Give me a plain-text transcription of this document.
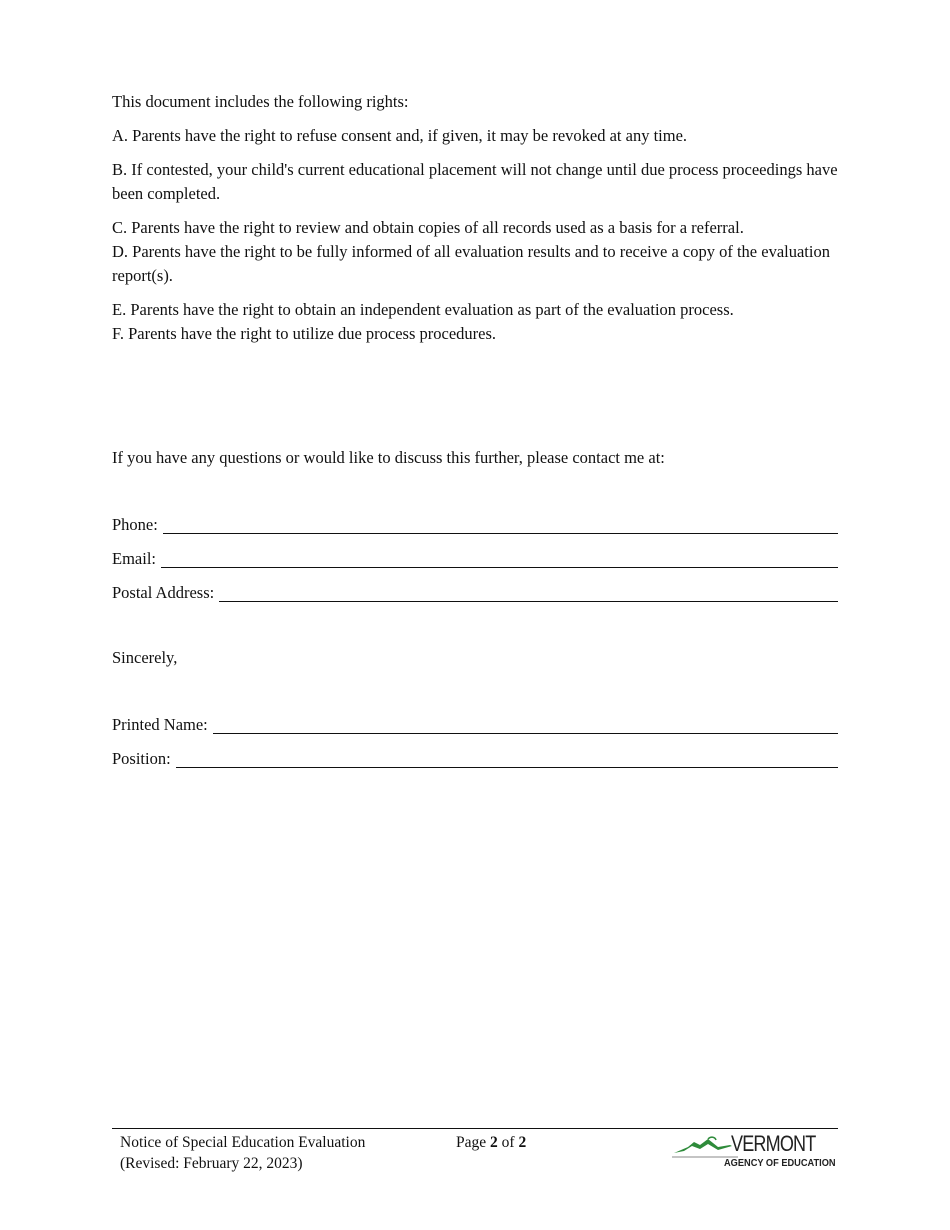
This document includes the following rights:

A. Parents have the right to refuse consent and, if given, it may be revoked at any time.

B. If contested, your child's current educational placement will not change until due process proceedings have been completed.

C. Parents have the right to review and obtain copies of all records used as a basis for a referral.

D. Parents have the right to be fully informed of all evaluation results and to receive a copy of the evaluation report(s).

E. Parents have the right to obtain an independent evaluation as part of the evaluation process.

F. Parents have the right to utilize due process procedures.

If you have any questions or would like to discuss this further, please contact me at:

Phone:
Email:
Postal Address:

Sincerely,

Printed Name:
Position:
Notice of Special Education Evaluation
(Revised: February 22, 2023)
Page 2 of 2	VERMONT
AGENCY OF EDUCATION
